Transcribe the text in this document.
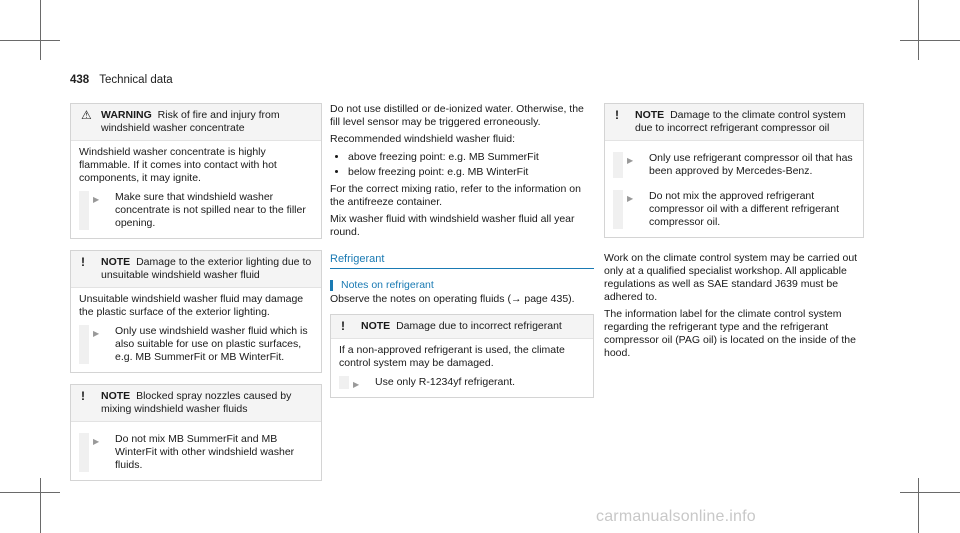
438 Technical data
⚠ WARNING Risk of fire and injury from windshield washer concentrate

Windshield washer concentrate is highly flammable. If it comes into contact with hot components, it may ignite.

▶ Make sure that windshield washer concentrate is not spilled near to the filler opening.
! NOTE Damage to the exterior lighting due to unsuitable windshield washer fluid

Unsuitable windshield washer fluid may damage the plastic surface of the exterior lighting.

▶ Only use windshield washer fluid which is also suitable for use on plastic surfaces, e.g. MB SummerFit or MB WinterFit.
! NOTE Blocked spray nozzles caused by mixing windshield washer fluids
▶ Do not mix MB SummerFit and MB WinterFit with other windshield washer fluids.

Do not use distilled or de-ionized water. Otherwise, the fill level sensor may be triggered erroneously.

Recommended windshield washer fluid:

• above freezing point: e.g. MB SummerFit
• below freezing point: e.g. MB WinterFit

For the correct mixing ratio, refer to the information on the antifreeze container.

Mix washer fluid with windshield washer fluid all year round.

Refrigerant
Notes on refrigerant

Observe the notes on operating fluids (→ page 435).

! NOTE Damage due to incorrect refrigerant

If a non-approved refrigerant is used, the climate control system may be damaged.

▶ Use only R-1234yf refrigerant.
! NOTE Damage to the climate control system due to incorrect refrigerant compressor oil
▶ Only use refrigerant compressor oil that has been approved by Mercedes-Benz.
▶ Do not mix the approved refrigerant compressor oil with a different refrigerant compressor oil.

Work on the climate control system may be carried out only at a qualified specialist workshop. All applicable regulations as well as SAE standard J639 must be adhered to.

The information label for the climate control system regarding the refrigerant type and the refrigerant compressor oil (PAG oil) is located on the inside of the hood.

carmanualsonline.info
